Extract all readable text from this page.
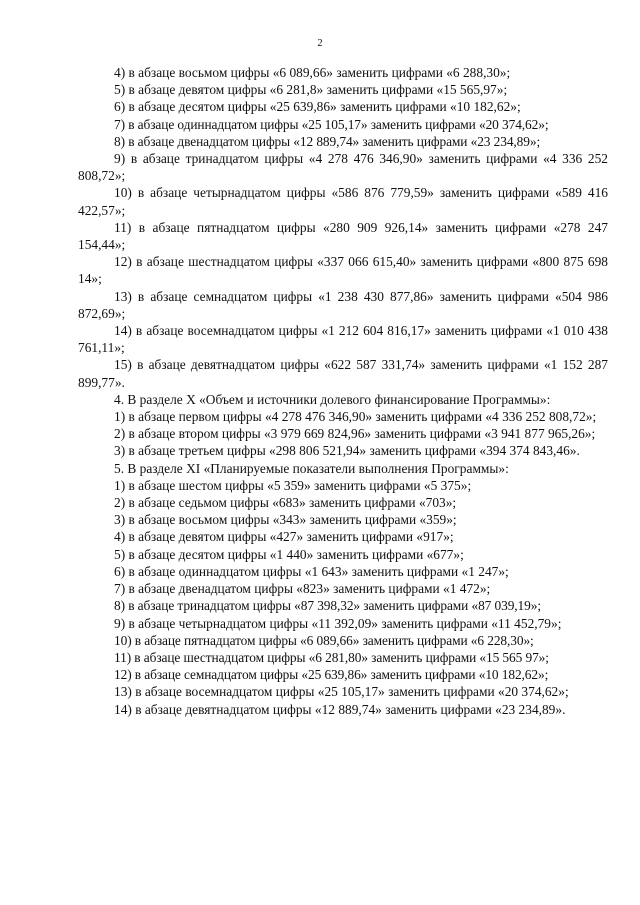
2

4) в абзаце восьмом цифры «6 089,66» заменить цифрами «6 288,30»;

5) в абзаце девятом цифры «6 281,8» заменить цифрами «15 565,97»;

6) в абзаце десятом цифры «25 639,86» заменить цифрами «10 182,62»;

7) в абзаце одиннадцатом цифры «25 105,17» заменить цифрами «20 374,62»;

8) в абзаце двенадцатом цифры «12 889,74» заменить цифрами «23 234,89»;

9) в абзаце тринадцатом цифры «4 278 476 346,90» заменить цифрами «4 336 252 808,72»;

10) в абзаце четырнадцатом цифры «586 876 779,59» заменить цифрами «589 416 422,57»;

11) в абзаце пятнадцатом цифры «280 909 926,14» заменить цифрами «278 247 154,44»;

12) в абзаце шестнадцатом цифры «337 066 615,40» заменить цифрами «800 875 698 14»;

13) в абзаце семнадцатом цифры «1 238 430 877,86» заменить цифрами «504 986 872,69»;

14) в абзаце восемнадцатом цифры «1 212 604 816,17» заменить цифрами «1 010 438 761,11»;

15) в абзаце девятнадцатом цифры «622 587 331,74» заменить цифрами «1 152 287 899,77».

4. В разделе X «Объем и источники долевого финансирование Программы»:

1) в абзаце первом цифры «4 278 476 346,90» заменить цифрами «4 336 252 808,72»;

2) в абзаце втором цифры «3 979 669 824,96» заменить цифрами «3 941 877 965,26»;

3) в абзаце третьем цифры «298 806 521,94» заменить цифрами «394 374 843,46».

5. В разделе XI «Планируемые показатели выполнения Программы»:

1) в абзаце шестом цифры «5 359» заменить цифрами «5 375»;

2) в абзаце седьмом цифры «683» заменить цифрами «703»;

3) в абзаце восьмом цифры «343» заменить цифрами «359»;

4) в абзаце девятом цифры «427» заменить цифрами «917»;

5) в абзаце десятом цифры «1 440» заменить цифрами «677»;

6) в абзаце одиннадцатом цифры «1 643» заменить цифрами «1 247»;

7) в абзаце двенадцатом цифры «823» заменить цифрами «1 472»;

8) в абзаце тринадцатом цифры «87 398,32» заменить цифрами «87 039,19»;

9) в абзаце четырнадцатом цифры «11 392,09» заменить цифрами «11 452,79»;

10) в абзаце пятнадцатом цифры «6 089,66» заменить цифрами «6 228,30»;

11) в абзаце шестнадцатом цифры «6 281,80» заменить цифрами «15 565 97»;

12) в абзаце семнадцатом цифры «25 639,86» заменить цифрами «10 182,62»;

13) в абзаце восемнадцатом цифры «25 105,17» заменить цифрами «20 374,62»;

14) в абзаце девятнадцатом цифры «12 889,74» заменить цифрами «23 234,89».
